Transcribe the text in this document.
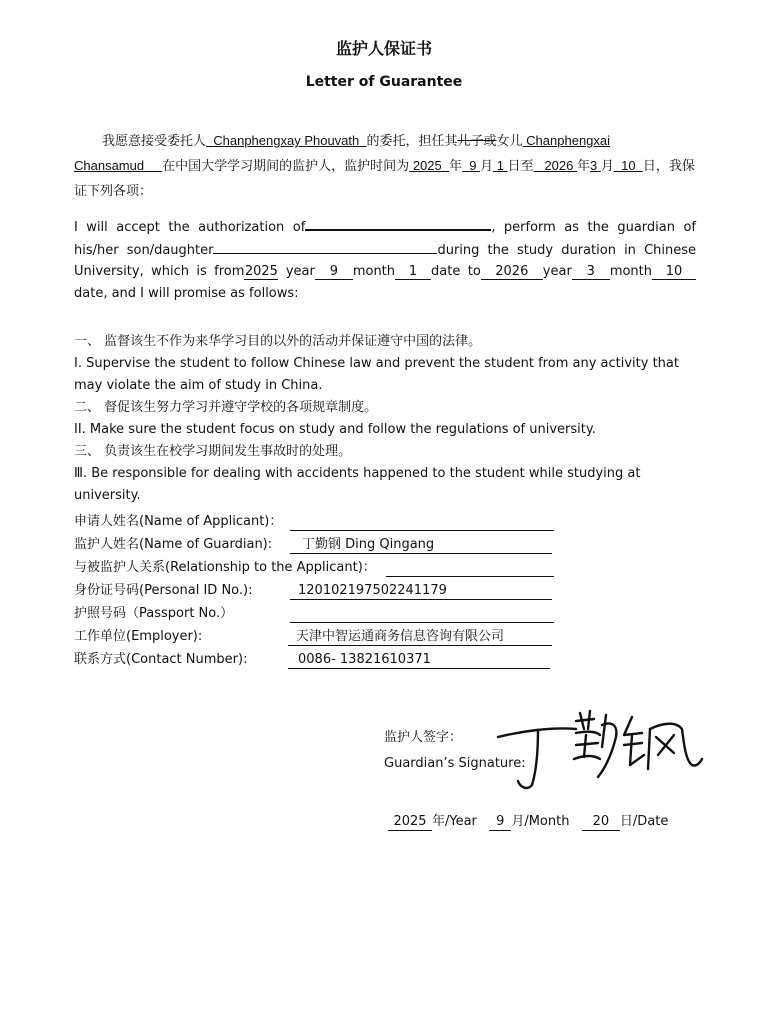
监护人保证书
Letter of Guarantee
我愿意接受委托人 Chanphengxay Phouvath 的委托，担任其儿子或女儿 Chanphengxai Chansamud 在中国大学学习期间的监护人，监护时间为 2025 年 9 月 1 日至 2026 年3 月 10 日，我保证下列各项：
I will accept the authorization of	, perform as the guardian of his/her son/daughter	during the study duration in Chinese University, which is from2025 year 9 month 1 date to 2026 year 3 month 10date, and I will promise as follows:
一、 监督该生不作为来华学习目的以外的活动并保证遵守中国的法律。
I. Supervise the student to follow Chinese law and prevent the student from any activity that may violate the aim of study in China.
二、 督促该生努力学习并遵守学校的各项规章制度。
II. Make sure the student focus on study and follow the regulations of university.
三、 负责该生在校学习期间发生事故时的处理。
Ⅲ. Be responsible for dealing with accidents happened to the student while studying at university.
申请人姓名(Name of Applicant)：
监护人姓名(Name of Guardian): 丁勤钢 Ding Qingang
与被监护人关系(Relationship to the Applicant)：
身份证号码(Personal ID No.):	120102197502241179
护照号码（Passport No.）
工作单位(Employer):	天津中智运通商务信息咨询有限公司
联系方式(Contact Number):	0086- 13821610371
监护人签字：
Guardian’s Signature:
2025 年/Year 9 月/Month 20 日/Date
